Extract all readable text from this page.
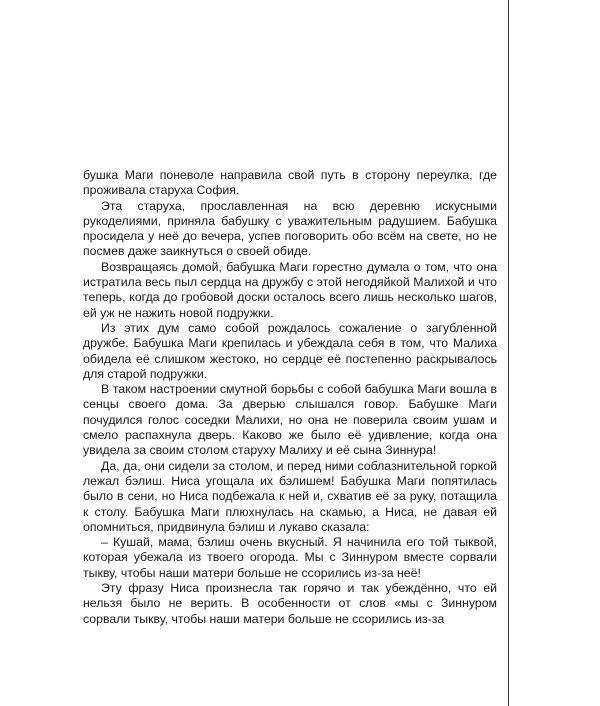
бушка Маги поневоле направила свой путь в сторону переулка, где проживала старуха София.

Эта старуха, прославленная на всю деревню искусными рукоделиями, приняла бабушку с уважительным радушием. Бабушка просидела у неё до вечера, успев поговорить обо всём на свете, но не посмев даже заикнуться о своей обиде.

Возвращаясь домой, бабушка Маги горестно думала о том, что она истратила весь пыл сердца на дружбу с этой негодяйкой Малихой и что теперь, когда до гробовой доски осталось всего лишь несколько шагов, ей уж не нажить новой подружки.

Из этих дум само собой рождалось сожаление о загубленной дружбе. Бабушка Маги крепилась и убеждала себя в том, что Малиха обидела её слишком жестоко, но сердце её постепенно раскрывалось для старой подружки.

В таком настроении смутной борьбы с собой бабушка Маги вошла в сенцы своего дома. За дверью слышался говор. Бабушке Маги почудился голос соседки Малихи, но она не поверила своим ушам и смело распахнула дверь. Каково же было её удивление, когда она увидела за своим столом старуху Малиху и её сына Зиннура!

Да, да, они сидели за столом, и перед ними соблазнительной горкой лежал бэлиш. Ниса угощала их бэлишем! Бабушка Маги попятилась было в сени, но Ниса подбежала к ней и, схватив её за руку, потащила к столу. Бабушка Маги плюхнулась на скамью, а Ниса, не давая ей опомниться, придвинула бэлиш и лукаво сказала:

– Кушай, мама, бэлиш очень вкусный. Я начинила его той тыквой, которая убежала из твоего огорода. Мы с Зиннуром вместе сорвали тыкву, чтобы наши матери больше не ссорились из-за неё!

Эту фразу Ниса произнесла так горячо и так убеждённо, что ей нельзя было не верить. В особенности от слов «мы с Зиннуром сорвали тыкву, чтобы наши матери больше не ссорились из-за
